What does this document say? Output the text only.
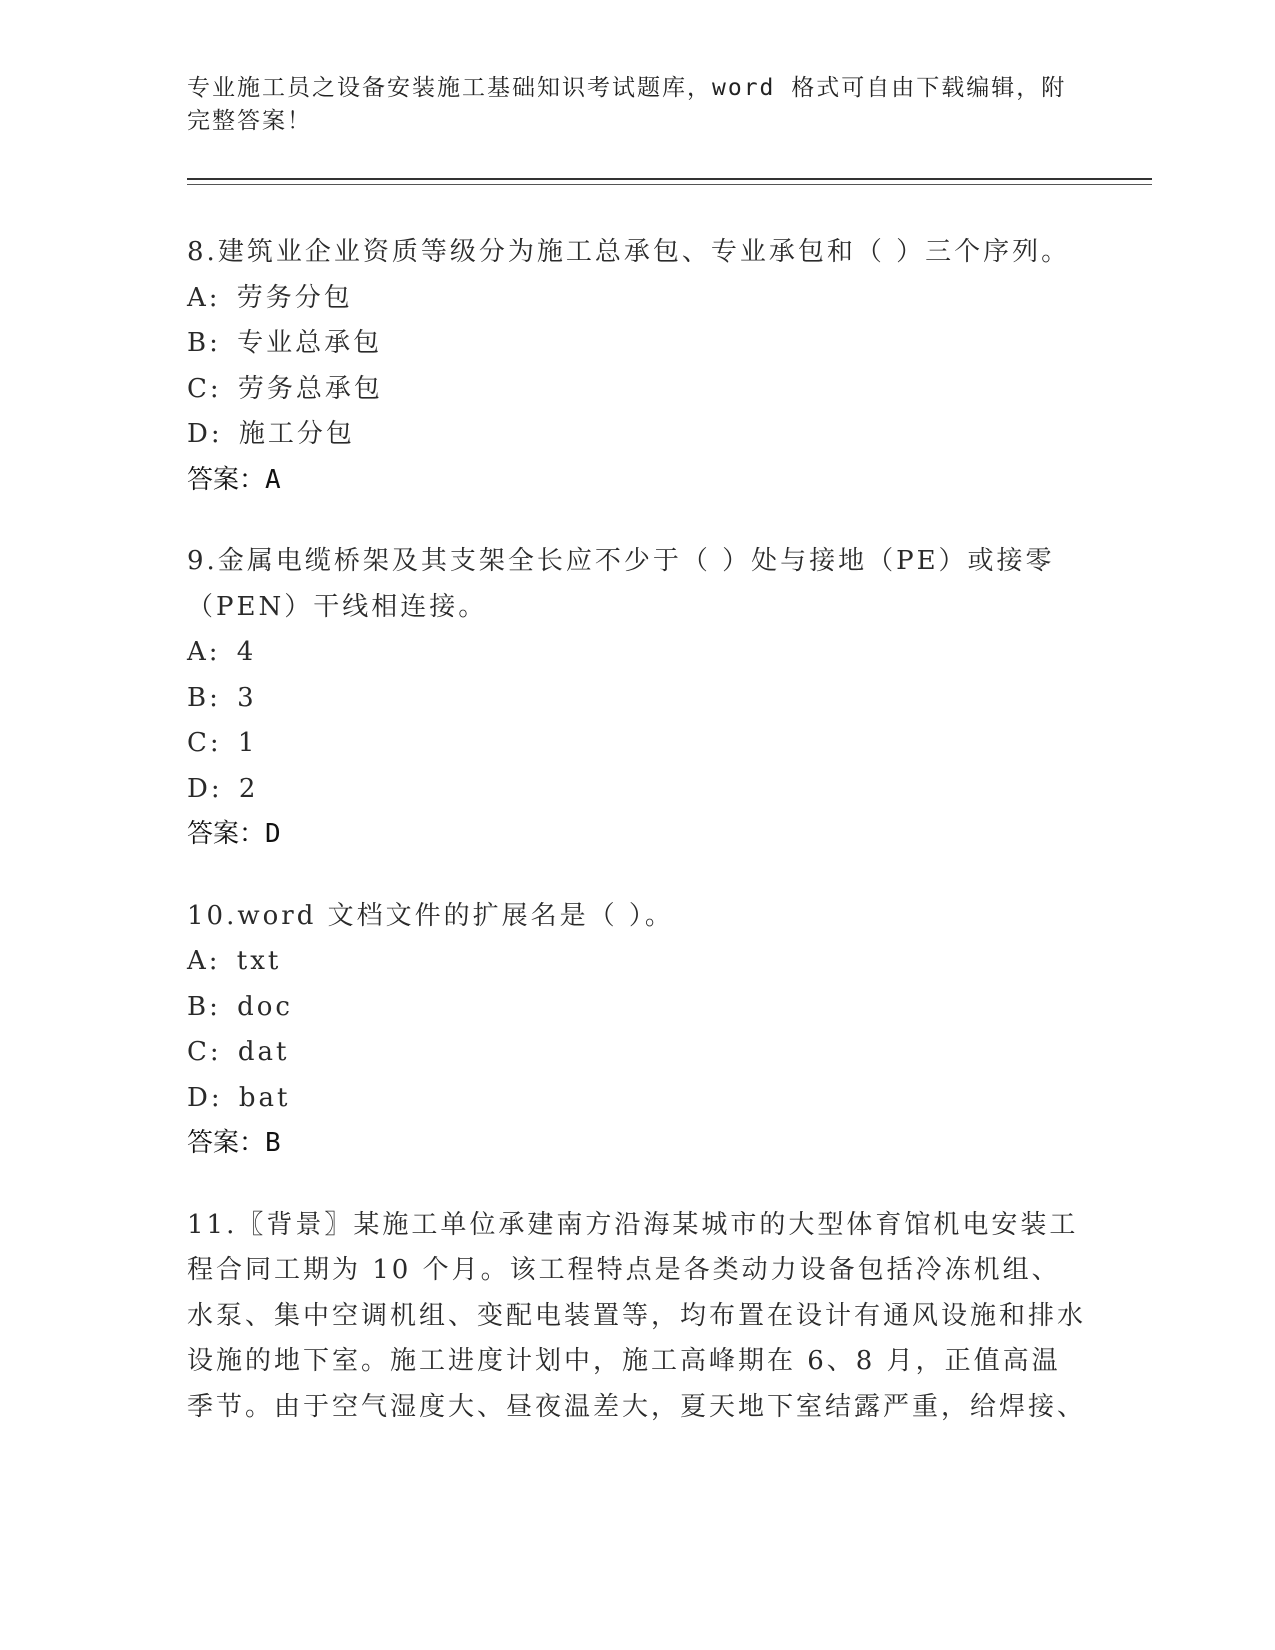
专业施工员之设备安装施工基础知识考试题库，word 格式可自由下载编辑，附完整答案！

8.建筑业企业资质等级分为施工总承包、专业承包和（ ）三个序列。

A: 劳务分包

B: 专业总承包

C: 劳务总承包

D: 施工分包

答案：A

9.金属电缆桥架及其支架全长应不少于（ ）处与接地（PE）或接零（PEN）干线相连接。

A: 4

B: 3

C: 1

D: 2

答案：D

10.word 文档文件的扩展名是（ ）。

A: txt

B: doc

C: dat

D: bat

答案：B

11.〖背景〗某施工单位承建南方沿海某城市的大型体育馆机电安装工程合同工期为 10 个月。该工程特点是各类动力设备包括冷冻机组、水泵、集中空调机组、变配电装置等，均布置在设计有通风设施和排水设施的地下室。施工进度计划中，施工高峰期在 6、8 月，正值高温季节。由于空气湿度大、昼夜温差大，夏天地下室结露严重，给焊接、
